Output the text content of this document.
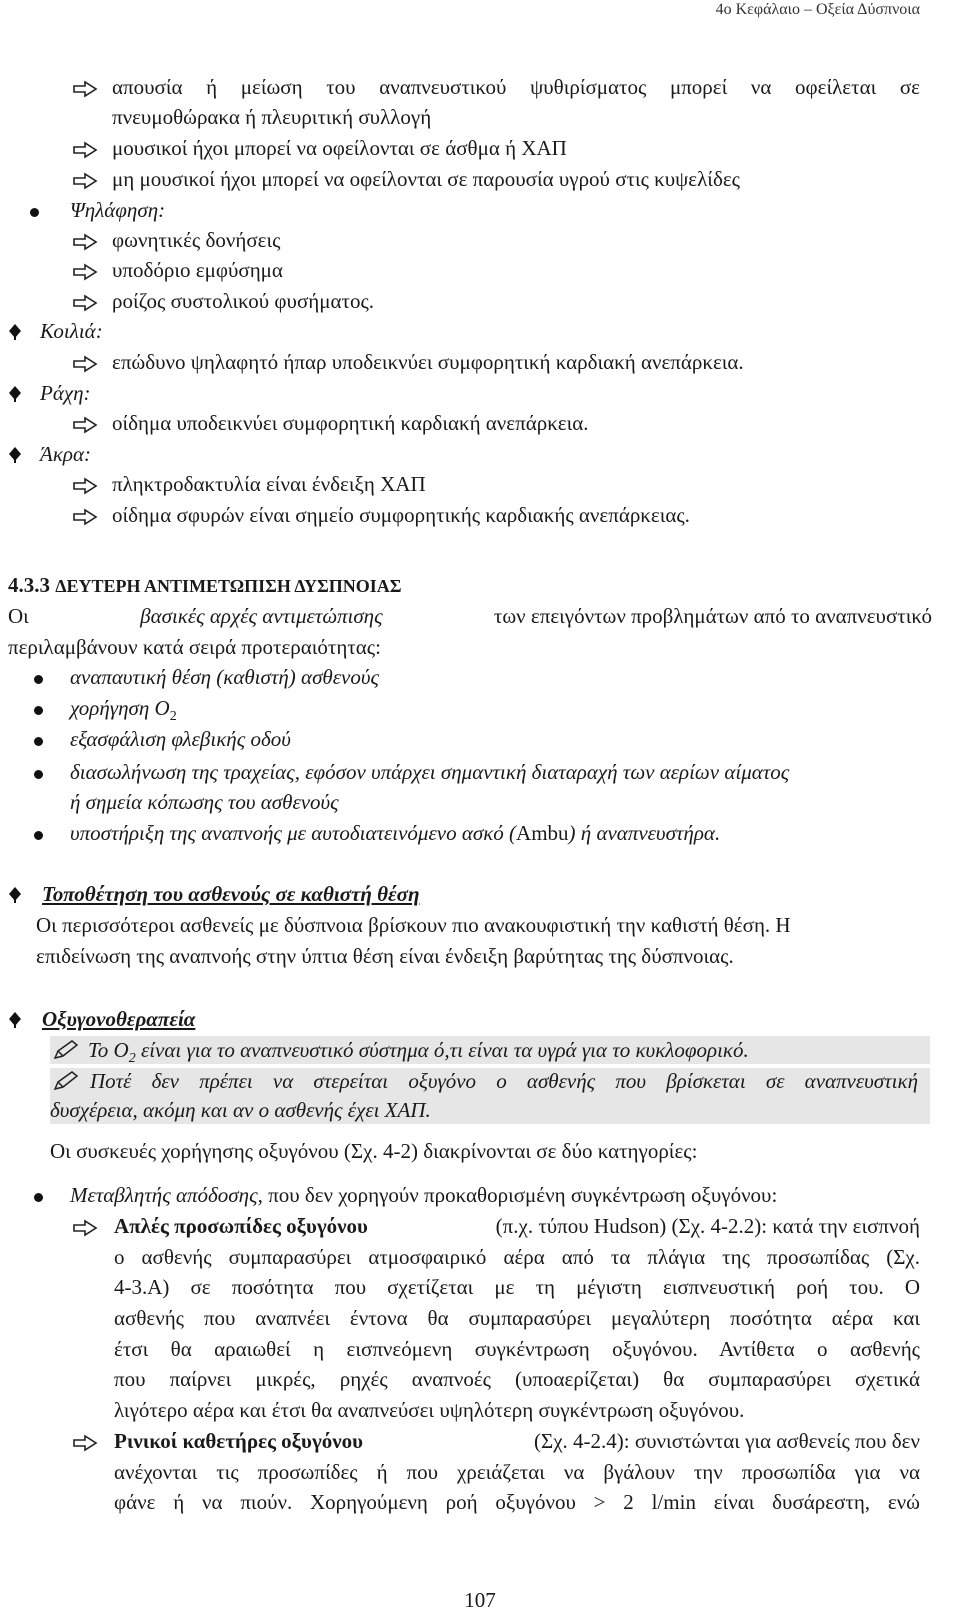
4ο Κεφάλαιο – Οξεία Δύσπνοια
απουσία ή μείωση του αναπνευστικού ψυθιρίσματος μπορεί να οφείλεται σε
πνευμοθώρακα ή πλευριτική συλλογή
μουσικοί ήχοι μπορεί να οφείλονται σε άσθμα ή ΧΑΠ
μη μουσικοί ήχοι μπορεί να οφείλονται σε παρουσία υγρού στις κυψελίδες
Ψηλάφηση:
φωνητικές δονήσεις
υποδόριο εμφύσημα
ροίζος συστολικού φυσήματος.
Κοιλιά:
επώδυνο ψηλαφητό ήπαρ υποδεικνύει συμφορητική καρδιακή ανεπάρκεια.
Ράχη:
οίδημα υποδεικνύει συμφορητική καρδιακή ανεπάρκεια.
Άκρα:
πληκτροδακτυλία είναι ένδειξη ΧΑΠ
οίδημα σφυρών είναι σημείο συμφορητικής καρδιακής ανεπάρκειας.
4.3.3 ΔΕΥΤΕΡΗ ΑΝΤΙΜΕΤΩΠΙΣΗ ΔΥΣΠΝΟΙΑΣ
Οι	βασικές αρχές αντιμετώπισης	των επειγόντων προβλημάτων από το αναπνευστικό
περιλαμβάνουν κατά σειρά προτεραιότητας:
αναπαυτική θέση (καθιστή) ασθενούς
χορήγηση $O_2$
εξασφάλιση φλεβικής οδού
διασωλήνωση της τραχείας, εφόσον υπάρχει σημαντική διαταραχή των αερίων αίματος
ή σημεία κόπωσης του ασθενούς
υποστήριξη της αναπνοής με αυτοδιατεινόμενο ασκό (Ambu) ή αναπνευστήρα.
Τοποθέτηση του ασθενούς σε καθιστή θέση
Οι περισσότεροι ασθενείς με δύσπνοια βρίσκουν πιο ανακουφιστική την καθιστή θέση. Η
επιδείνωση της αναπνοής στην ύπτια θέση είναι ένδειξη βαρύτητας της δύσπνοιας.
Οξυγονοθεραπεία
Το $O_2$ είναι για το αναπνευστικό σύστημα ό,τι είναι τα υγρά για το κυκλοφορικό.
Ποτέ δεν πρέπει να στερείται οξυγόνο ο ασθενής που βρίσκεται σε αναπνευστική
δυσχέρεια, ακόμη και αν ο ασθενής έχει ΧΑΠ.
Οι συσκευές χορήγησης οξυγόνου (Σχ. 4-2) διακρίνονται σε δύο κατηγορίες:
Μεταβλητής απόδοσης, που δεν χορηγούν προκαθορισμένη συγκέντρωση οξυγόνου:
Απλές προσωπίδες οξυγόνου	(π.χ. τύπου Hudson) (Σχ. 4-2.2): κατά την εισπνοή
ο ασθενής συμπαρασύρει ατμοσφαιρικό αέρα από τα πλάγια της προσωπίδας (Σχ.
4-3.Α) σε ποσότητα που σχετίζεται με τη μέγιστη εισπνευστική ροή του. Ο
ασθενής που αναπνέει έντονα θα συμπαρασύρει μεγαλύτερη ποσότητα αέρα και
έτσι θα αραιωθεί η εισπνεόμενη συγκέντρωση οξυγόνου. Αντίθετα ο ασθενής
που παίρνει μικρές, ρηχές αναπνοές (υποαερίζεται) θα συμπαρασύρει σχετικά
λιγότερο αέρα και έτσι θα αναπνεύσει υψηλότερη συγκέντρωση οξυγόνου.
Ρινικοί καθετήρες οξυγόνου	(Σχ. 4-2.4): συνιστώνται για ασθενείς που δεν
ανέχονται τις προσωπίδες ή που χρειάζεται να βγάλουν την προσωπίδα για να
φάνε ή να πιούν. Χορηγούμενη ροή οξυγόνου > 2 l/min είναι δυσάρεστη, ενώ
107
